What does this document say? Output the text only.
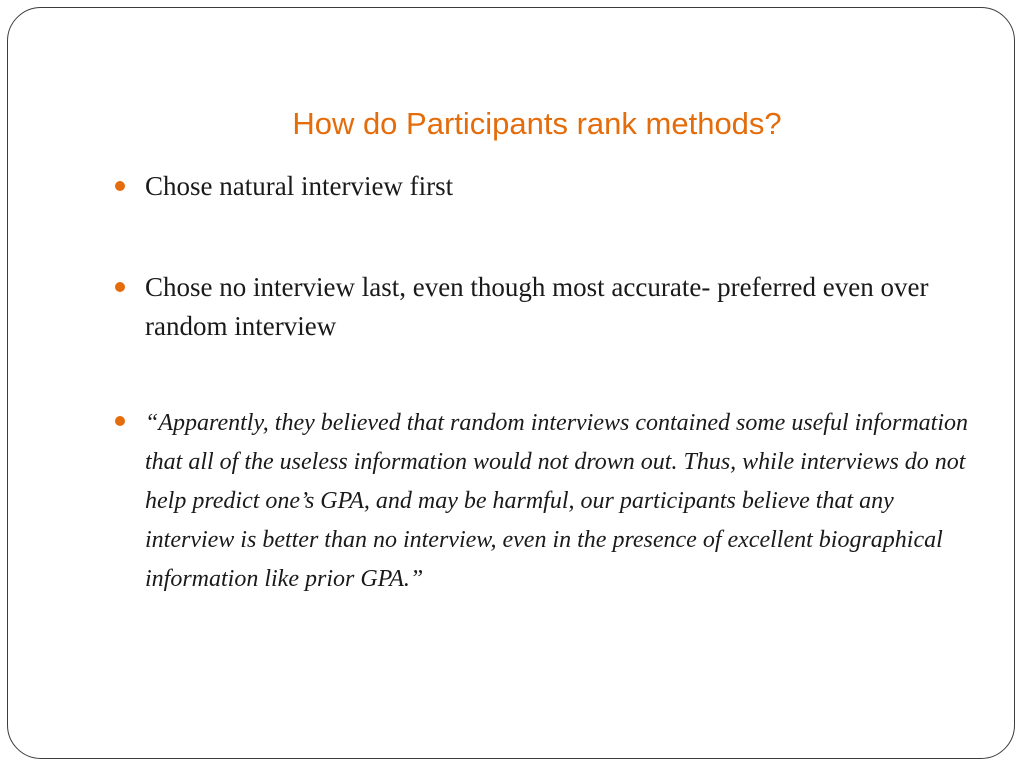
How do Participants rank methods?
Chose natural interview first
Chose no interview last, even though most accurate- preferred even over random interview
“Apparently, they believed that random interviews contained some useful information that all of the useless information would not drown out. Thus, while interviews do not help predict one’s GPA, and may be harmful, our participants believe that any interview is better than no interview, even in the presence of excellent biographical information like prior GPA.”
